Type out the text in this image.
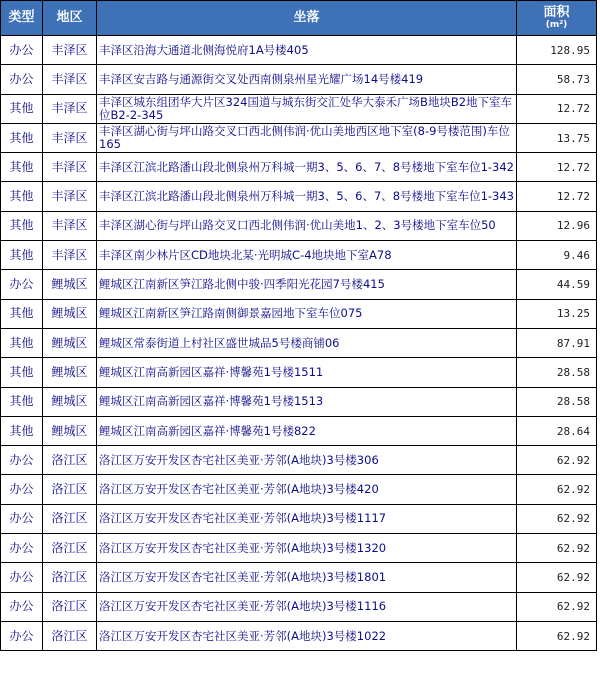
类型	地区	坐落	面积
(m²)

办公	丰泽区	丰泽区沿海大通道北侧海悦府1A号楼405	128.95
办公	丰泽区	丰泽区安吉路与通源街交叉处西南侧泉州星光耀广场14号楼419	58.73
其他	丰泽区	丰泽区城东组团华大片区324国道与城东街交汇处华大泰禾广场B地块B2地下室车位B2-2-345	12.72
其他	丰泽区	丰泽区湖心街与坪山路交叉口西北侧伟润·优山美地西区地下室(8-9号楼范围)车位165	13.75
其他	丰泽区	丰泽区江滨北路潘山段北侧泉州万科城一期3、5、6、7、8号楼地下室车位1-342	12.72
其他	丰泽区	丰泽区江滨北路潘山段北侧泉州万科城一期3、5、6、7、8号楼地下室车位1-343	12.72
其他	丰泽区	丰泽区湖心街与坪山路交叉口西北侧伟润·优山美地1、2、3号楼地下室车位50	12.96
其他	丰泽区	丰泽区南少林片区CD地块北某·光明城C-4地块地下室A78	9.46
办公	鲤城区	鲤城区江南新区笋江路北侧中骏·四季阳光花园7号楼415	44.59
其他	鲤城区	鲤城区江南新区笋江路南侧御景嘉园地下室车位075	13.25
其他	鲤城区	鲤城区常泰街道上村社区盛世城品5号楼商铺06	87.91
其他	鲤城区	鲤城区江南高新园区嘉祥·博馨苑1号楼1511	28.58
其他	鲤城区	鲤城区江南高新园区嘉祥·博馨苑1号楼1513	28.58
其他	鲤城区	鲤城区江南高新园区嘉祥·博馨苑1号楼822	28.64
办公	洛江区	洛江区万安开发区杏宅社区美亚·芳邻(A地块)3号楼306	62.92
办公	洛江区	洛江区万安开发区杏宅社区美亚·芳邻(A地块)3号楼420	62.92
办公	洛江区	洛江区万安开发区杏宅社区美亚·芳邻(A地块)3号楼1117	62.92
办公	洛江区	洛江区万安开发区杏宅社区美亚·芳邻(A地块)3号楼1320	62.92
办公	洛江区	洛江区万安开发区杏宅社区美亚·芳邻(A地块)3号楼1801	62.92
办公	洛江区	洛江区万安开发区杏宅社区美亚·芳邻(A地块)3号楼1116	62.92
办公	洛江区	洛江区万安开发区杏宅社区美亚·芳邻(A地块)3号楼1022	62.92
